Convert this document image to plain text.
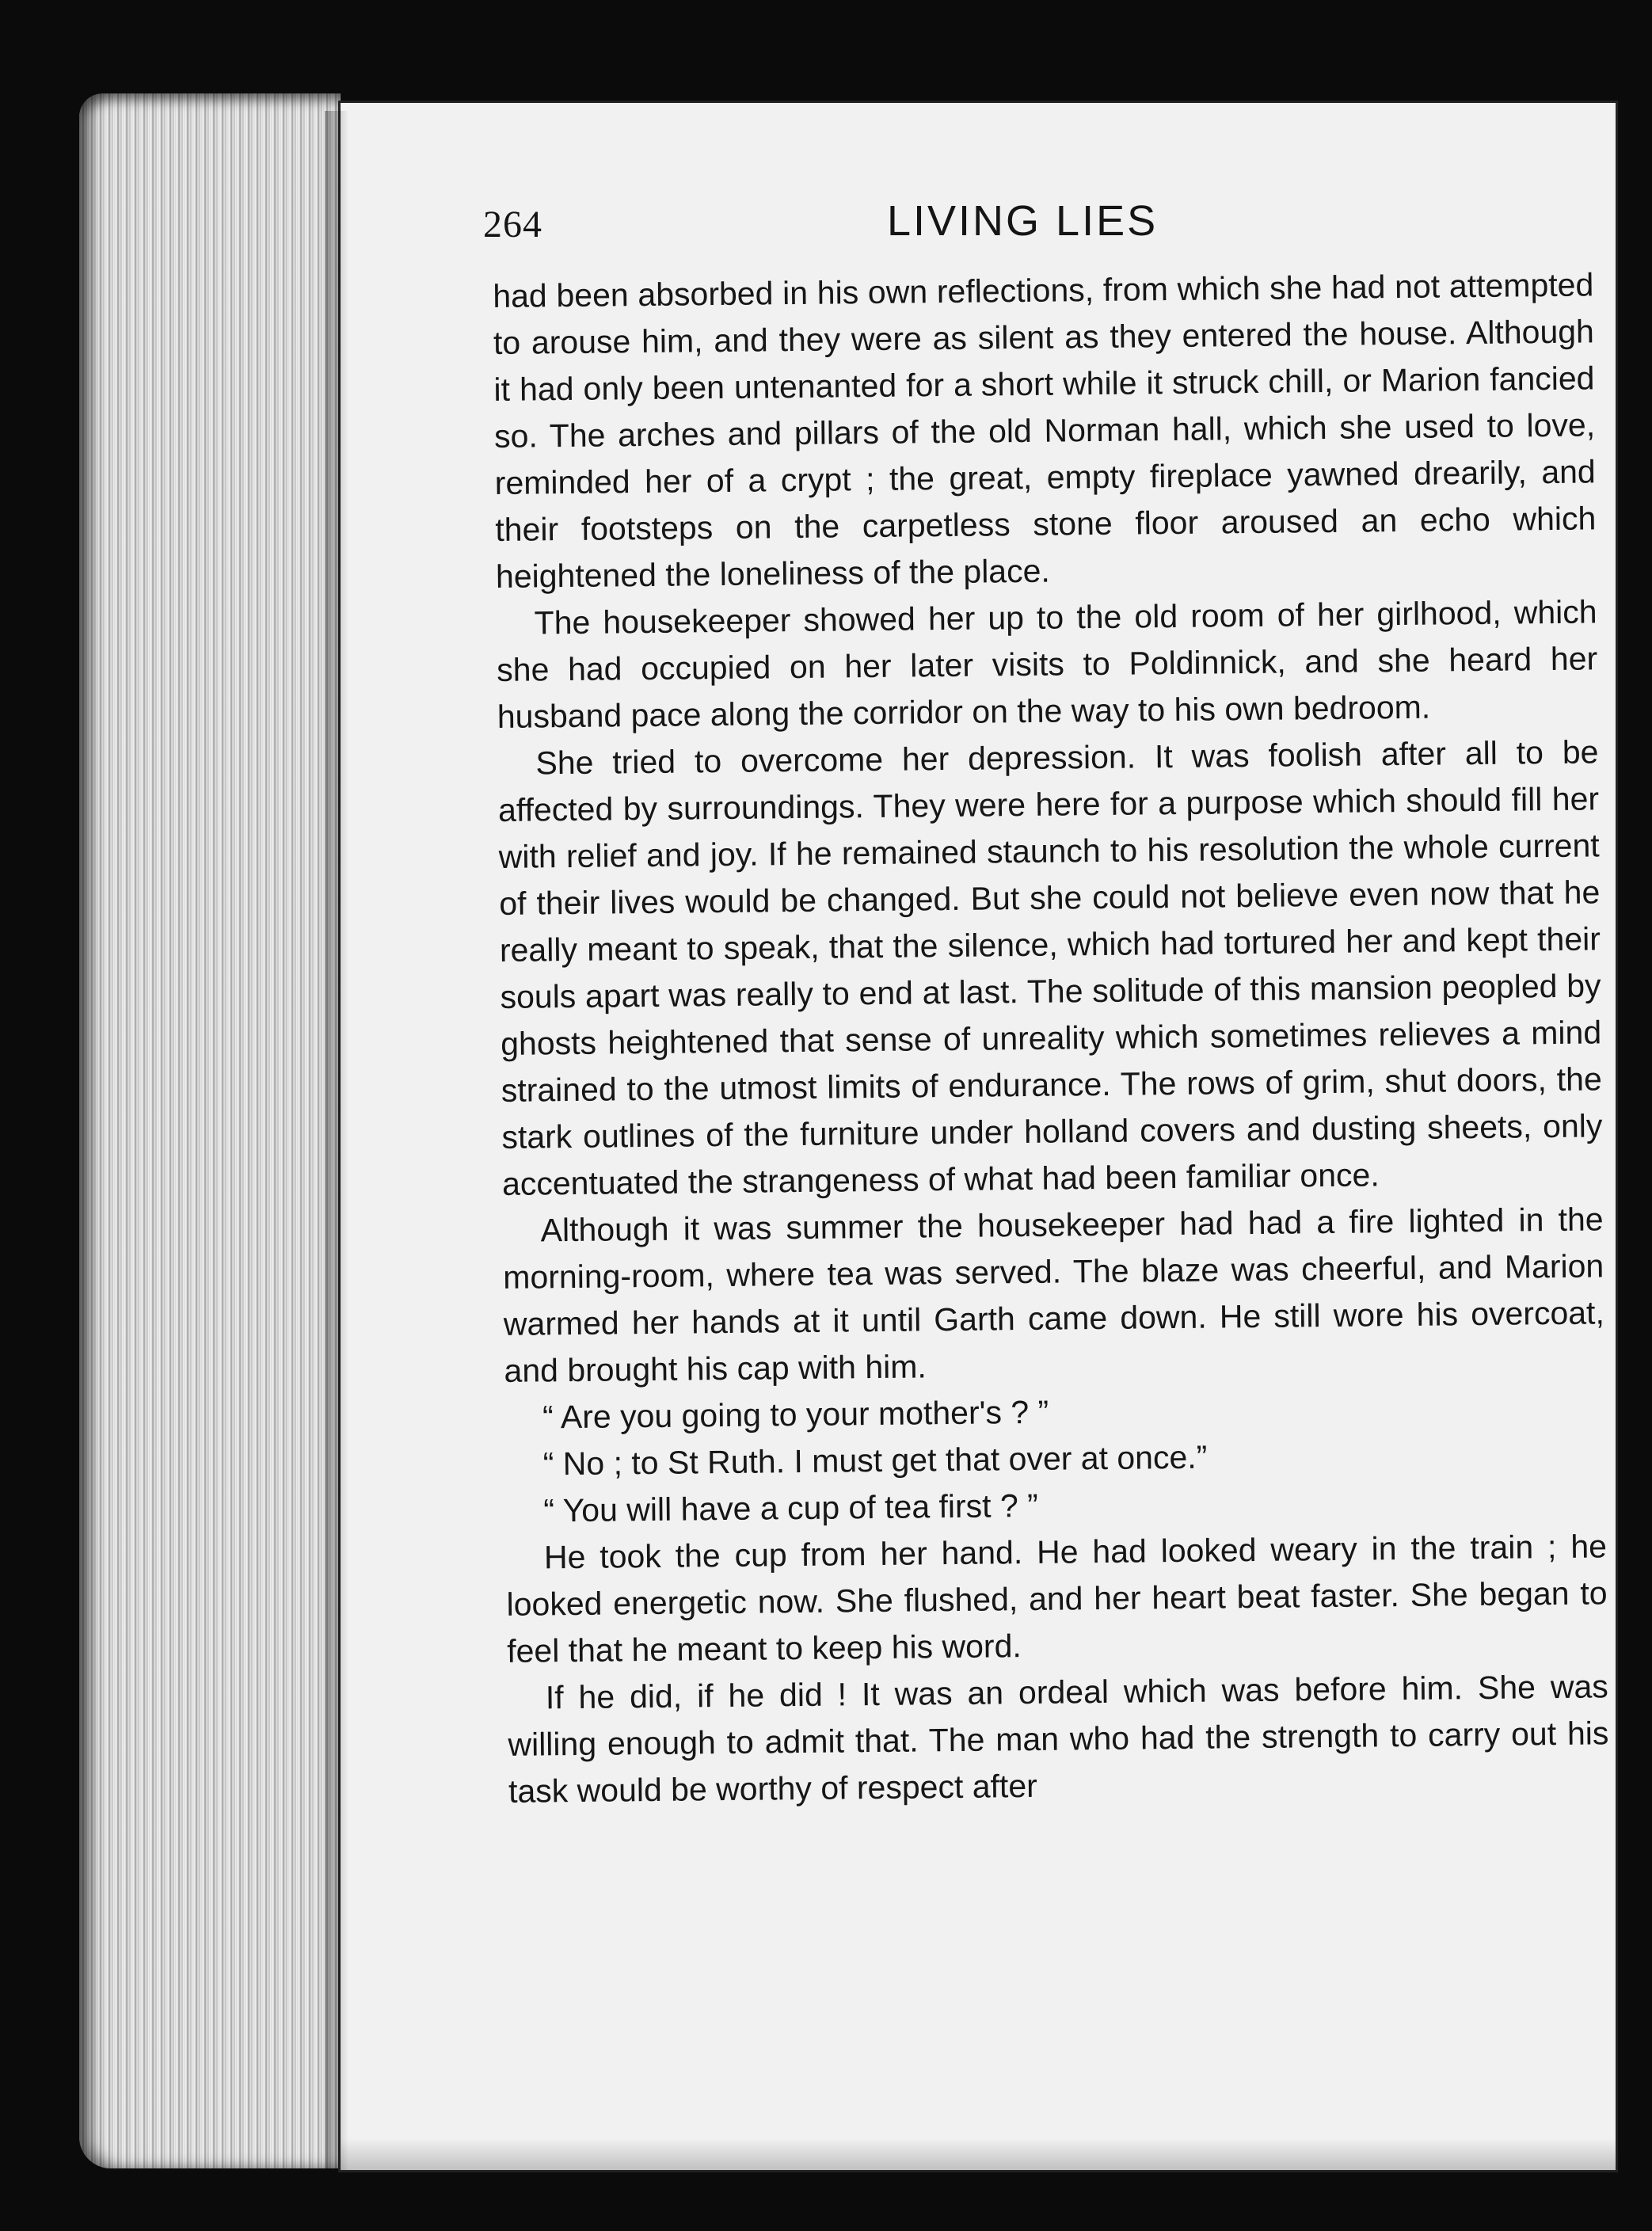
264	LIVING LIES

had been absorbed in his own reflections, from which she had not attempted to arouse him, and they were as silent as they entered the house. Although it had only been untenanted for a short while it struck chill, or Marion fancied so. The arches and pillars of the old Norman hall, which she used to love, reminded her of a crypt ; the great, empty fireplace yawned drearily, and their footsteps on the carpetless stone floor aroused an echo which heightened the loneliness of the place.

The housekeeper showed her up to the old room of her girlhood, which she had occupied on her later visits to Poldinnick, and she heard her husband pace along the corridor on the way to his own bedroom.

She tried to overcome her depression. It was foolish after all to be affected by surroundings. They were here for a purpose which should fill her with relief and joy. If he remained staunch to his resolution the whole current of their lives would be changed. But she could not believe even now that he really meant to speak, that the silence, which had tortured her and kept their souls apart was really to end at last. The solitude of this mansion peopled by ghosts heightened that sense of unreality which sometimes relieves a mind strained to the utmost limits of endurance. The rows of grim, shut doors, the stark outlines of the furniture under holland covers and dusting sheets, only accentuated the strangeness of what had been familiar once.

Although it was summer the housekeeper had had a fire lighted in the morning-room, where tea was served. The blaze was cheerful, and Marion warmed her hands at it until Garth came down. He still wore his overcoat, and brought his cap with him.

“ Are you going to your mother's ? ”

“ No ; to St Ruth. I must get that over at once.”

“ You will have a cup of tea first ? ”

He took the cup from her hand. He had looked weary in the train ; he looked energetic now. She flushed, and her heart beat faster. She began to feel that he meant to keep his word.

If he did, if he did ! It was an ordeal which was before him. She was willing enough to admit that. The man who had the strength to carry out his task would be worthy of respect after
